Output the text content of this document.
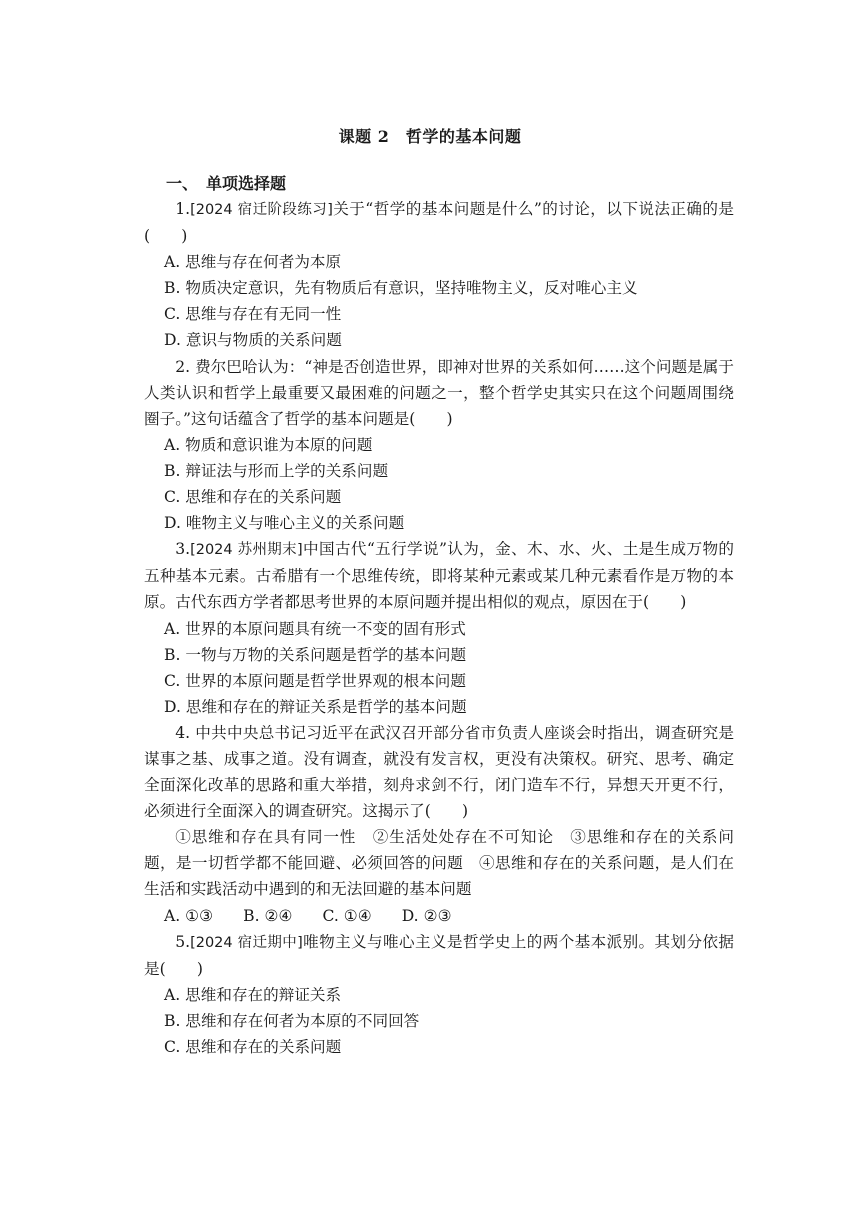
课题 2　哲学的基本问题
一、　单项选择题

1.[2024 宿迁阶段练习]关于“哲学的基本问题是什么”的讨论，以下说法正确的是(　　)

A. 思维与存在何者为本原

B. 物质决定意识，先有物质后有意识，坚持唯物主义，反对唯心主义

C. 思维与存在有无同一性

D. 意识与物质的关系问题

2. 费尔巴哈认为：“神是否创造世界，即神对世界的关系如何……这个问题是属于人类认识和哲学上最重要又最困难的问题之一，整个哲学史其实只在这个问题周围绕圈子。”这句话蕴含了哲学的基本问题是(　　)

A. 物质和意识谁为本原的问题

B. 辩证法与形而上学的关系问题

C. 思维和存在的关系问题

D. 唯物主义与唯心主义的关系问题

3.[2024 苏州期末]中国古代“五行学说”认为，金、木、水、火、土是生成万物的五种基本元素。古希腊有一个思维传统，即将某种元素或某几种元素看作是万物的本原。古代东西方学者都思考世界的本原问题并提出相似的观点，原因在于(　　)

A. 世界的本原问题具有统一不变的固有形式

B. 一物与万物的关系问题是哲学的基本问题

C. 世界的本原问题是哲学世界观的根本问题

D. 思维和存在的辩证关系是哲学的基本问题

4. 中共中央总书记习近平在武汉召开部分省市负责人座谈会时指出，调查研究是谋事之基、成事之道。没有调查，就没有发言权，更没有决策权。研究、思考、确定全面深化改革的思路和重大举措，刻舟求剑不行，闭门造车不行，异想天开更不行，必须进行全面深入的调查研究。这揭示了(　　)

①思维和存在具有同一性　②生活处处存在不可知论　③思维和存在的关系问题，是一切哲学都不能回避、必须回答的问题　④思维和存在的关系问题，是人们在生活和实践活动中遇到的和无法回避的基本问题

A. ①③ B. ②④ C. ①④ D. ②③

5.[2024 宿迁期中]唯物主义与唯心主义是哲学史上的两个基本派别。其划分依据是(　　)

A. 思维和存在的辩证关系

B. 思维和存在何者为本原的不同回答

C. 思维和存在的关系问题
